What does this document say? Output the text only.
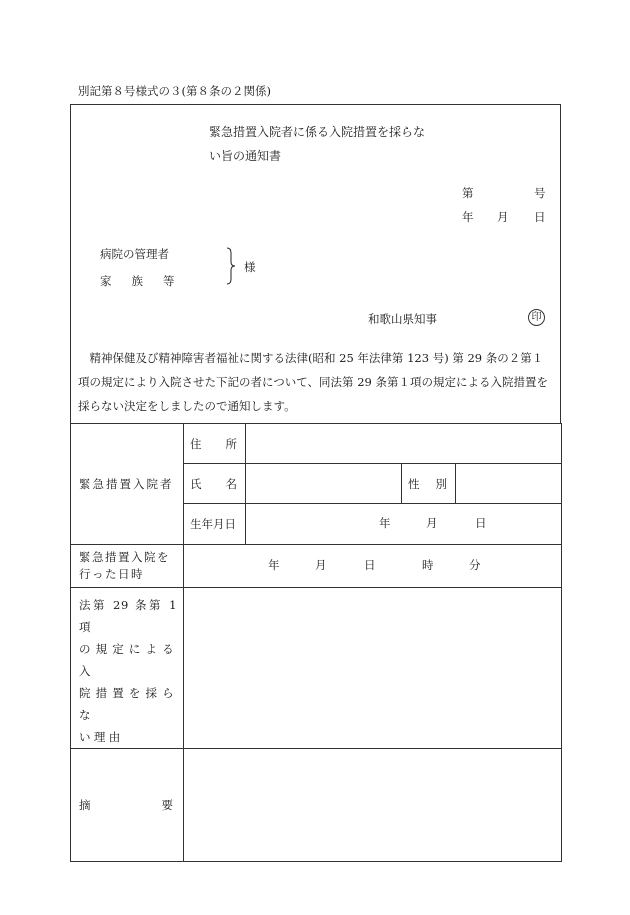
別記第８号様式の３(第８条の２関係)
緊急措置入院者に係る入院措置を採らな
い旨の通知書
第	号
年 月 日
病院の管理者
家 族 等
様
和歌山県知事	印
精神保健及び精神障害者福祉に関する法律(昭和 25 年法律第 123 号) 第 29 条の２第１項の規定により入院させた下記の者について、同法第 29 条第１項の規定による入院措置を採らない決定をしましたので通知します。
緊急措置入院者	住 所			

	氏 名		性 別	

	生年月日	年 月 日		

緊急措置入院を
行った日時	年 月 日 時 分			

法第 29 条第 1 項
の規定による入
院措置を採らな
い理由				

摘 要				
